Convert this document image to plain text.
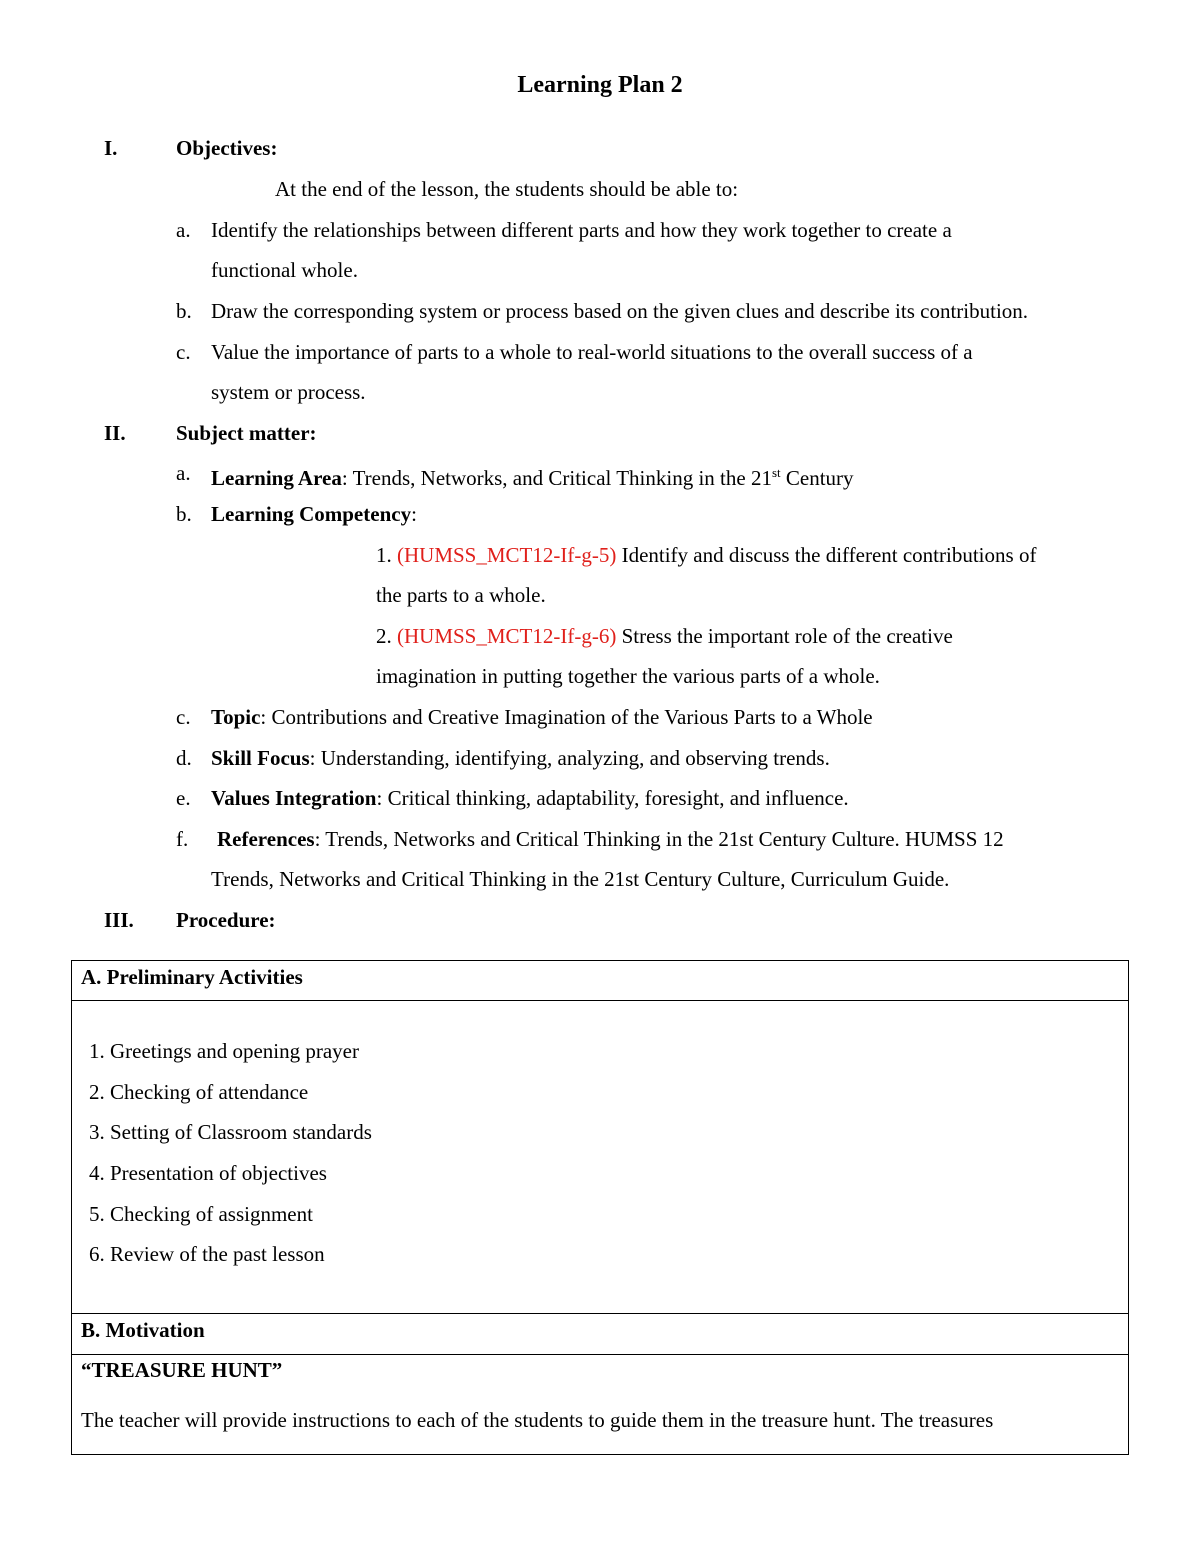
Learning Plan 2
I.	Objectives:
At the end of the lesson, the students should be able to:
a. Identify the relationships between different parts and how they work together to create a
functional whole.
b. Draw the corresponding system or process based on the given clues and describe its contribution.
c. Value the importance of parts to a whole to real-world situations to the overall success of a
system or process.
II. Subject matter:
a. Learning Area: Trends, Networks, and Critical Thinking in the 21st Century
b. Learning Competency:
1. (HUMSS_MCT12-If-g-5) Identify and discuss the different contributions of
the parts to a whole.
2. (HUMSS_MCT12-If-g-6) Stress the important role of the creative
imagination in putting together the various parts of a whole.
c. Topic: Contributions and Creative Imagination of the Various Parts to a Whole
d. Skill Focus: Understanding, identifying, analyzing, and observing trends.
e. Values Integration: Critical thinking, adaptability, foresight, and influence.
f. References: Trends, Networks and Critical Thinking in the 21st Century Culture. HUMSS 12
Trends, Networks and Critical Thinking in the 21st Century Culture, Curriculum Guide.
III. Procedure:
A. Preliminary Activities
1. Greetings and opening prayer
2. Checking of attendance
3. Setting of Classroom standards
4. Presentation of objectives
5. Checking of assignment
6. Review of the past lesson
B. Motivation
“TREASURE HUNT”
The teacher will provide instructions to each of the students to guide them in the treasure hunt. The treasures
